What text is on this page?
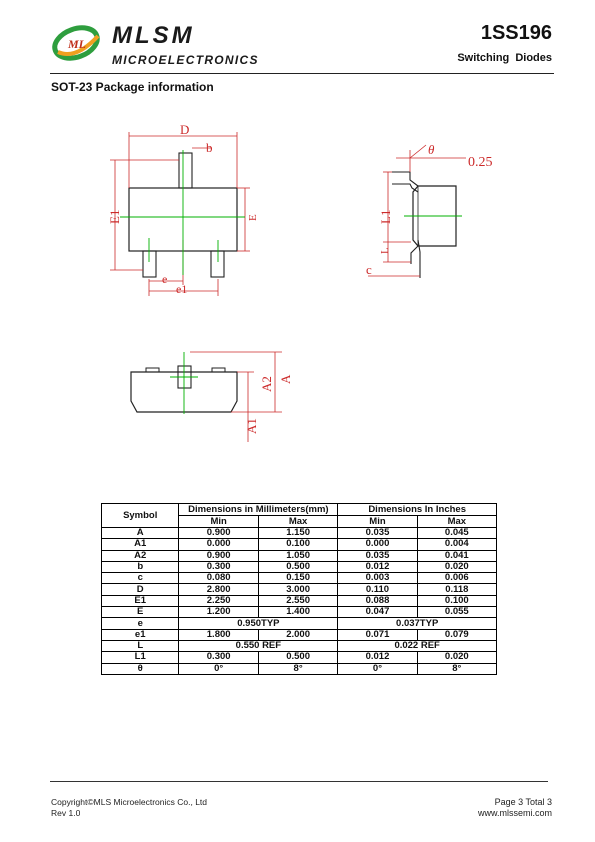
ML MLSM
MICROELECTRONICS
1SS196
Switching Diodes
SOT-23 Package information
D
b
E1	E
e
e1
θ
0.25
L1
L
c
A2 A
A1
Symbol	Dimensions in Millimeters(mm)		Dimensions In Inches	
	Min	Max	Min	Max
A	0.900	1.150	0.035	0.045
A1	0.000	0.100	0.000	0.004
A2	0.900	1.050	0.035	0.041
b	0.300	0.500	0.012	0.020
c	0.080	0.150	0.003	0.006
D	2.800	3.000	0.110	0.118
E1	2.250	2.550	0.088	0.100
E	1.200	1.400	0.047	0.055
e	0.950TYP		0.037TYP	
e1	1.800	2.000	0.071	0.079
L	0.550 REF		0.022 REF	
L1	0.300	0.500	0.012	0.020
θ	0°	8°	0°	8°
Copyright©MLS Microelectronics Co., Ltd
Rev 1.0
Page 3 Total 3
www.mlssemi.com
